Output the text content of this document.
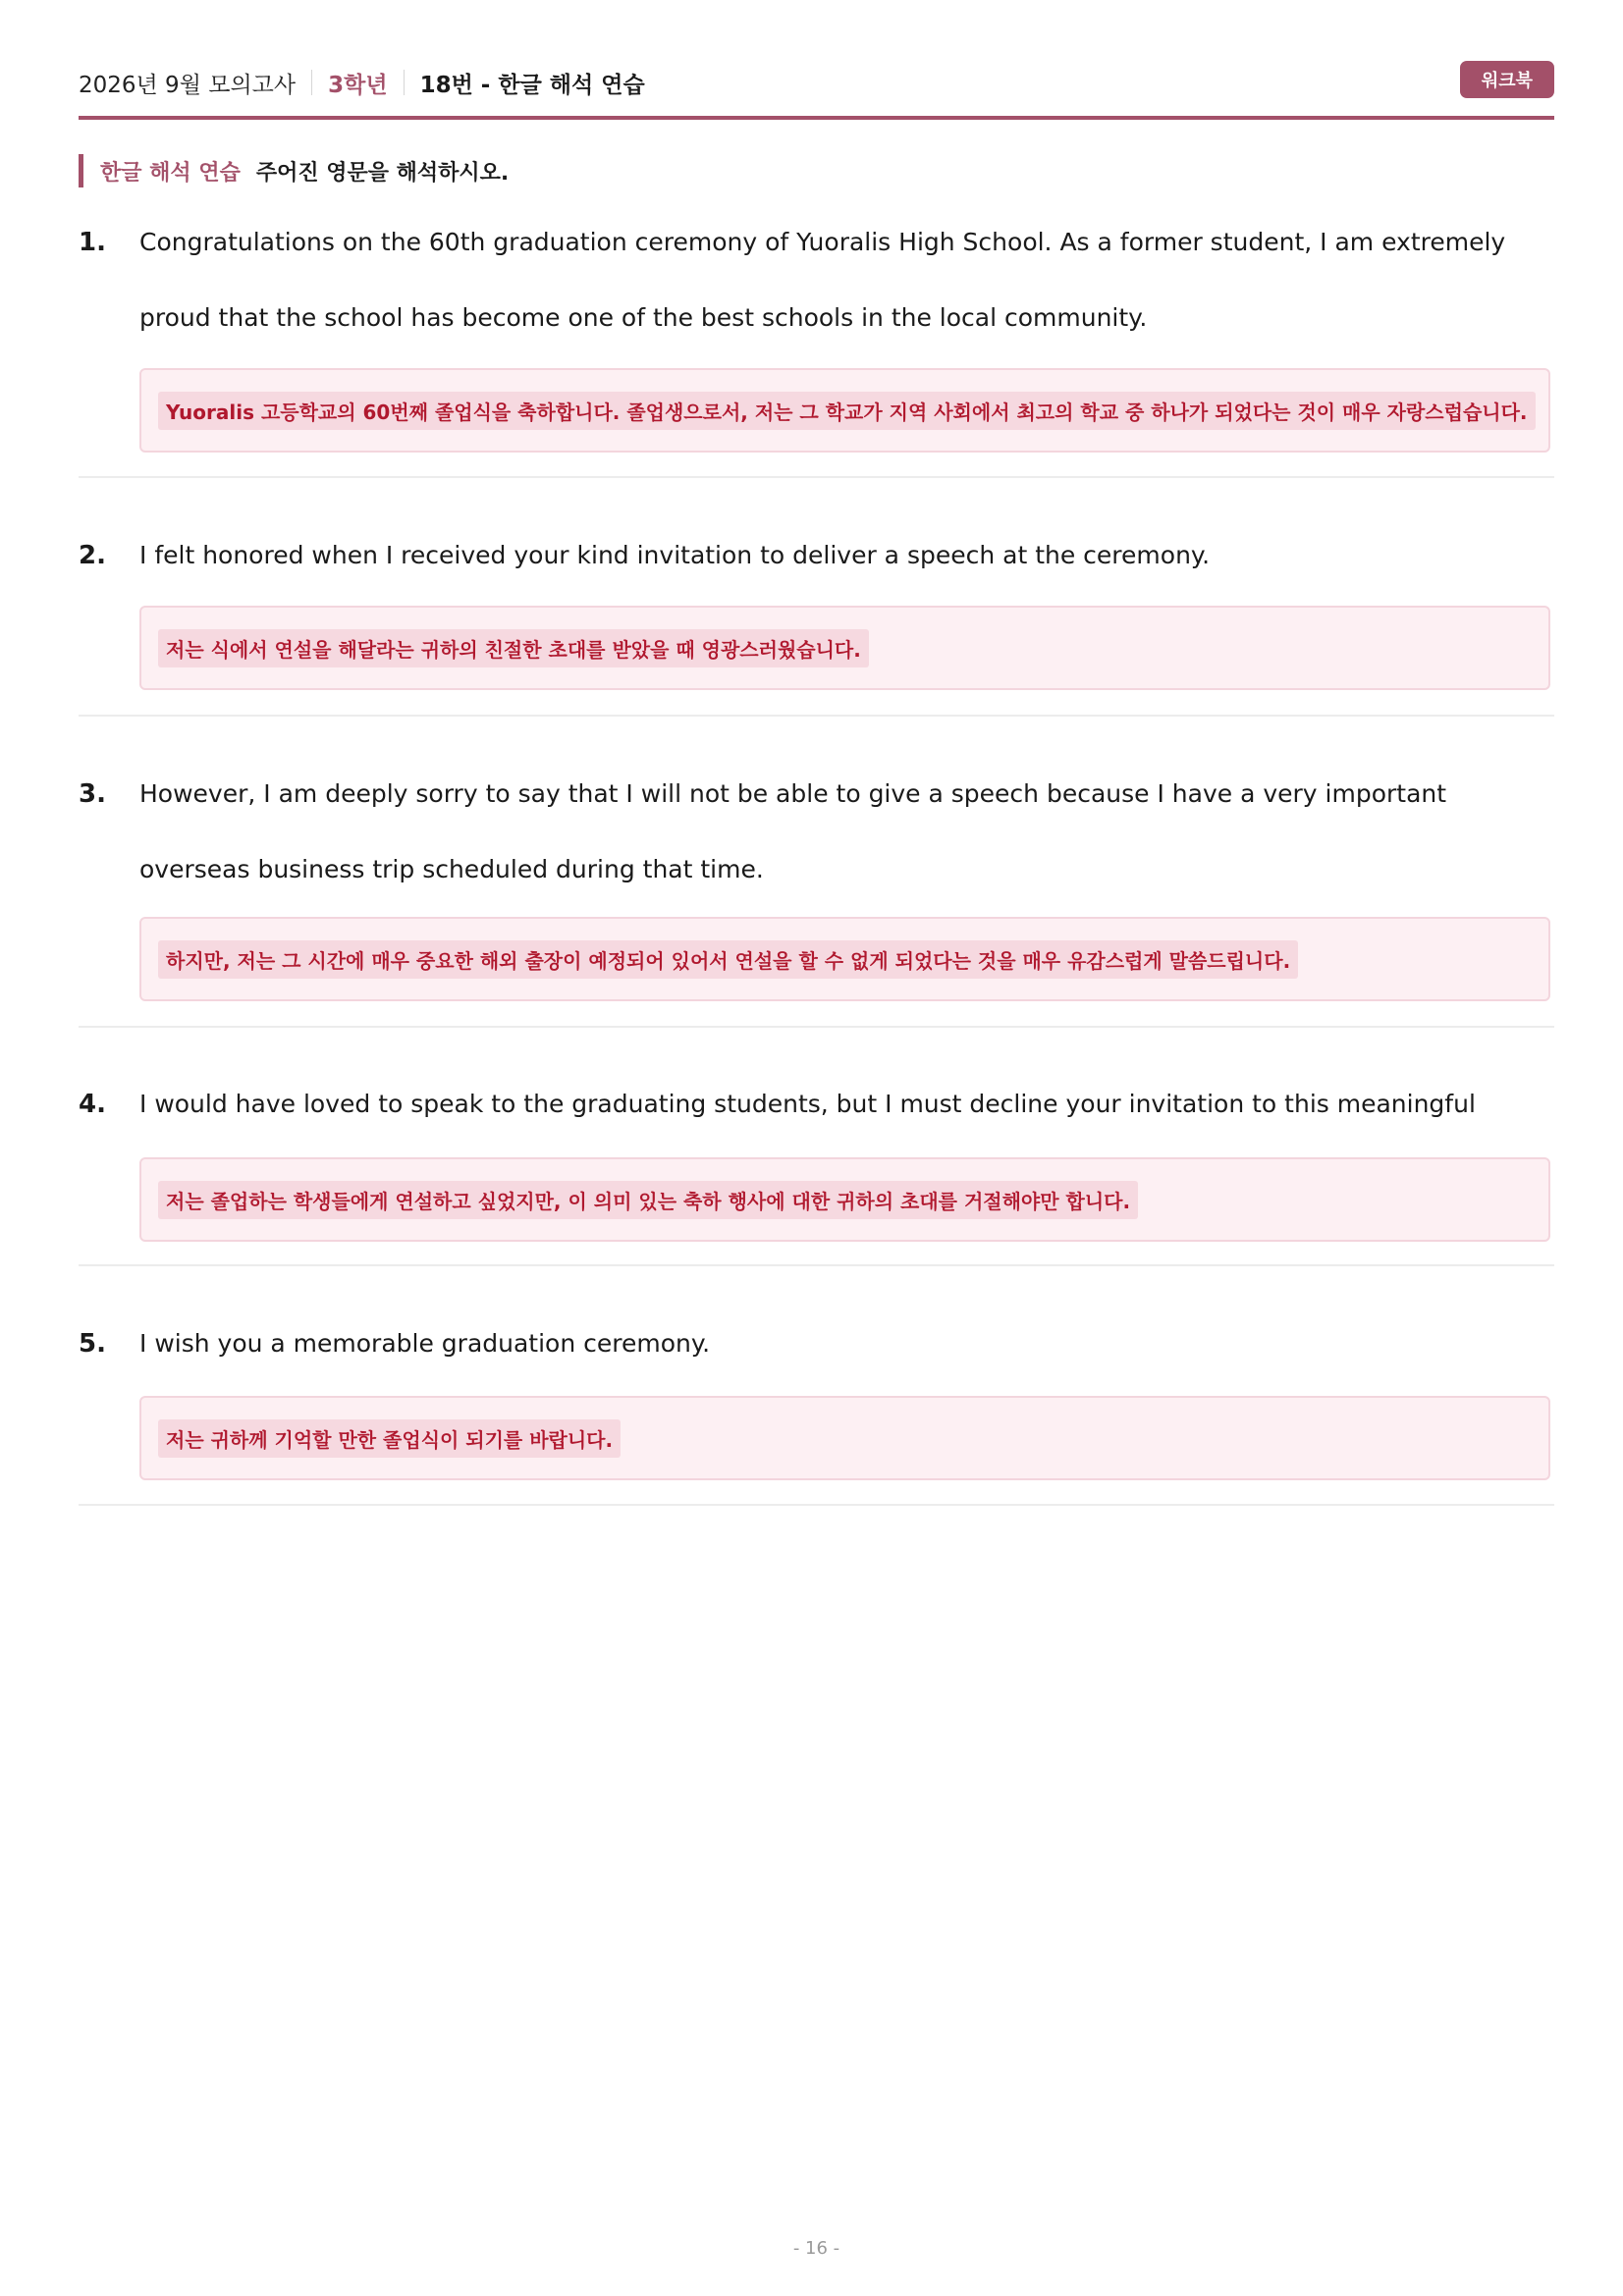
2026년 9월 모의고사 3학년 18번 - 한글 해석 연습	워크북
한글 해석 연습 주어진 영문을 해석하시오.
1. Congratulations on the 60th graduation ceremony of Yuoralis High School. As a former student, I am extremely proud that the school has become one of the best schools in the local community.
Yuoralis 고등학교의 60번째 졸업식을 축하합니다. 졸업생으로서, 저는 그 학교가 지역 사회에서 최고의 학교 중 하나가 되었다는 것이 매우 자랑스럽습니다.
2. I felt honored when I received your kind invitation to deliver a speech at the ceremony.
저는 식에서 연설을 해달라는 귀하의 친절한 초대를 받았을 때 영광스러웠습니다.
3. However, I am deeply sorry to say that I will not be able to give a speech because I have a very important overseas business trip scheduled during that time.
하지만, 저는 그 시간에 매우 중요한 해외 출장이 예정되어 있어서 연설을 할 수 없게 되었다는 것을 매우 유감스럽게 말씀드립니다.
4. I would have loved to speak to the graduating students, but I must decline your invitation to this meaningful
저는 졸업하는 학생들에게 연설하고 싶었지만, 이 의미 있는 축하 행사에 대한 귀하의 초대를 거절해야만 합니다.
5. I wish you a memorable graduation ceremony.
저는 귀하께 기억할 만한 졸업식이 되기를 바랍니다.
- 16 -
